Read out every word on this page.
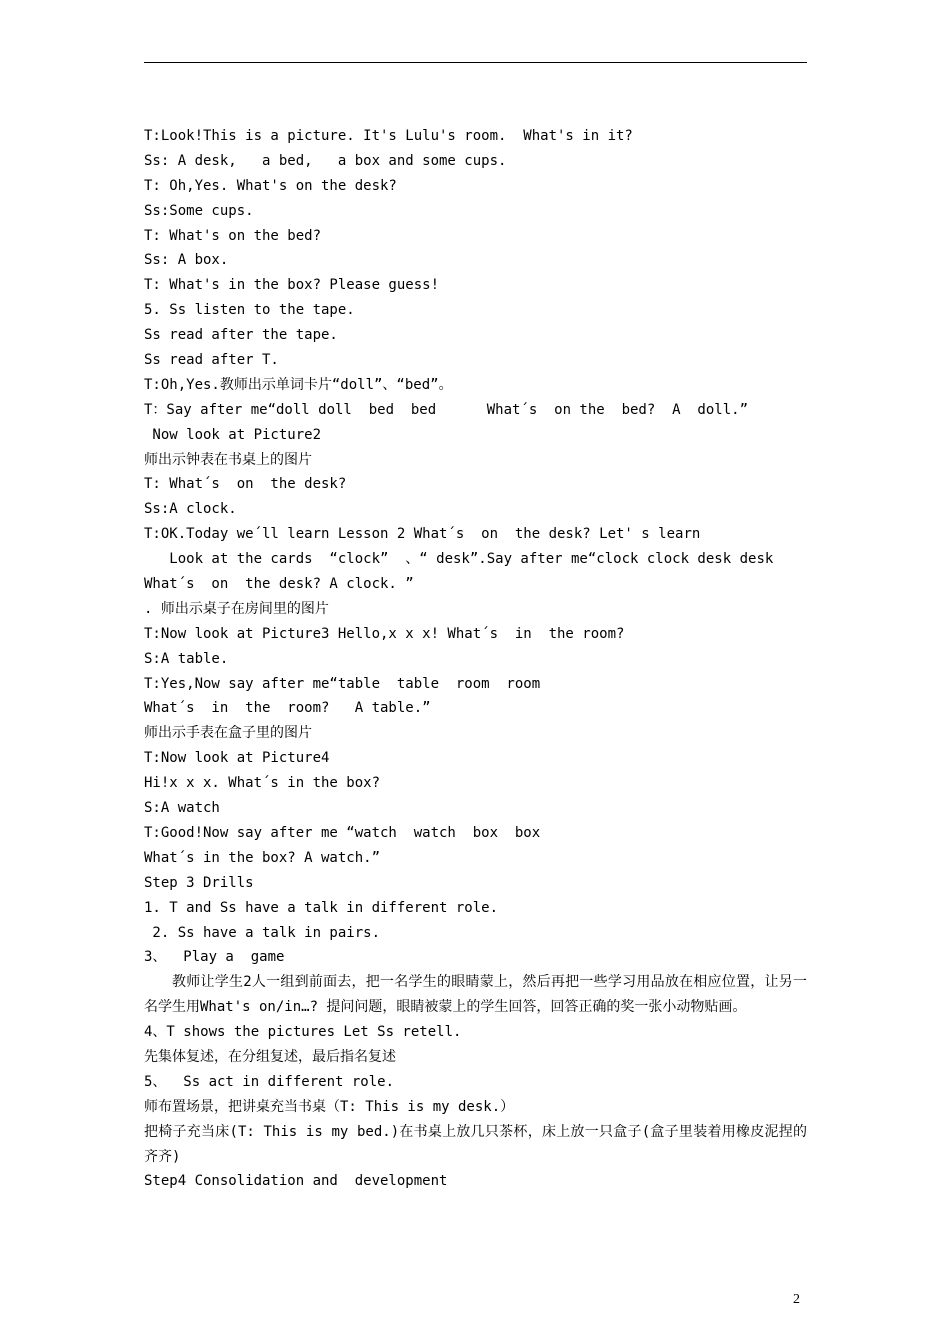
T:Look!This is a picture. It's Lulu's room.  What's in it?
Ss: A desk,   a bed,   a box and some cups.
T: Oh,Yes. What's on the desk?
Ss:Some cups.
T: What's on the bed?
Ss: A box.
T: What's in the box? Please guess!
5. Ss listen to the tape.
Ss read after the tape.
Ss read after T.
T:Oh,Yes.教师出示单词卡片“doll”、“bed”。
T：Say after me“doll doll  bed  bed      What´s  on the  bed?  A  doll.”
Now look at Picture2
师出示钟表在书桌上的图片
T: What´s  on  the desk?
Ss:A clock.
T:OK.Today we´ll learn Lesson 2 What´s  on  the desk? Let' s learn
Look at the cards  “clock”  、“ desk”.Say after me“clock clock desk desk
What´s  on  the desk? A clock. ”
. 师出示桌子在房间里的图片
T:Now look at Picture3 Hello,x x x! What´s  in  the room?
S:A table.
T:Yes,Now say after me“table  table  room  room
What´s  in  the  room?   A table.”
师出示手表在盒子里的图片
T:Now look at Picture4
Hi!x x x. What´s in the box?
S:A watch
T:Good!Now say after me “watch  watch  box  box
What´s in the box? A watch.”
Step 3 Drills
1. T and Ss have a talk in different role.
2. Ss have a talk in pairs.
3、  Play a  game

教师让学生2人一组到前面去，把一名学生的眼睛蒙上，然后再把一些学习用品放在相应位置，让另一名学生用What's on/in…? 提问问题，眼睛被蒙上的学生回答，回答正确的奖一张小动物贴画。

4、T shows the pictures Let Ss retell.
先集体复述，在分组复述，最后指名复述
5、  Ss act in different role.
师布置场景，把讲桌充当书桌（T: This is my desk.）

把椅子充当床(T: This is my bed.)在书桌上放几只茶杯，床上放一只盒子(盒子里装着用橡皮泥捏的齐齐)

Step4 Consolidation and  development
2
